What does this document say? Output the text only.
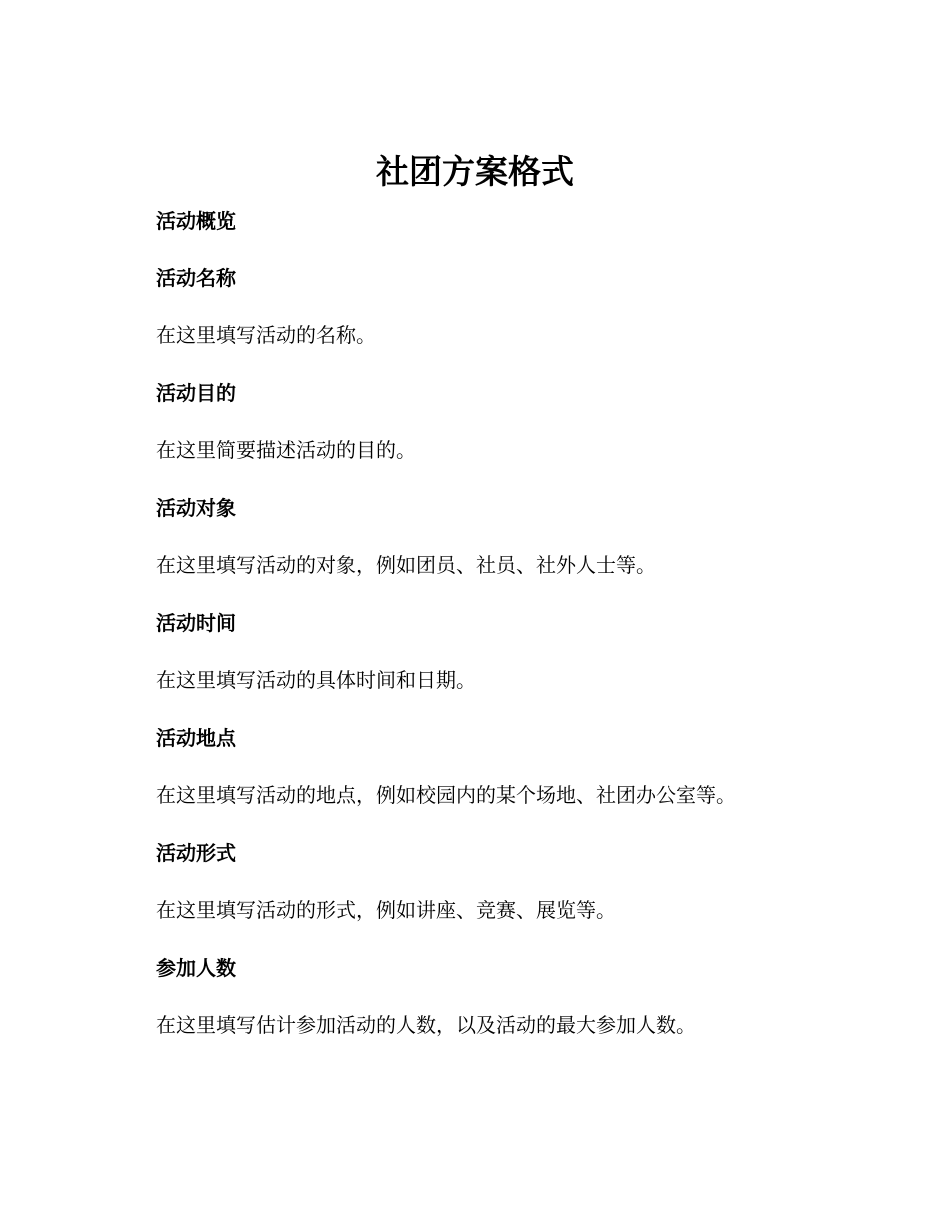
社团方案格式
活动概览
活动名称

在这里填写活动的名称。

活动目的

在这里简要描述活动的目的。

活动对象

在这里填写活动的对象，例如团员、社员、社外人士等。

活动时间

在这里填写活动的具体时间和日期。

活动地点

在这里填写活动的地点，例如校园内的某个场地、社团办公室等。

活动形式

在这里填写活动的形式，例如讲座、竞赛、展览等。

参加人数

在这里填写估计参加活动的人数，以及活动的最大参加人数。
